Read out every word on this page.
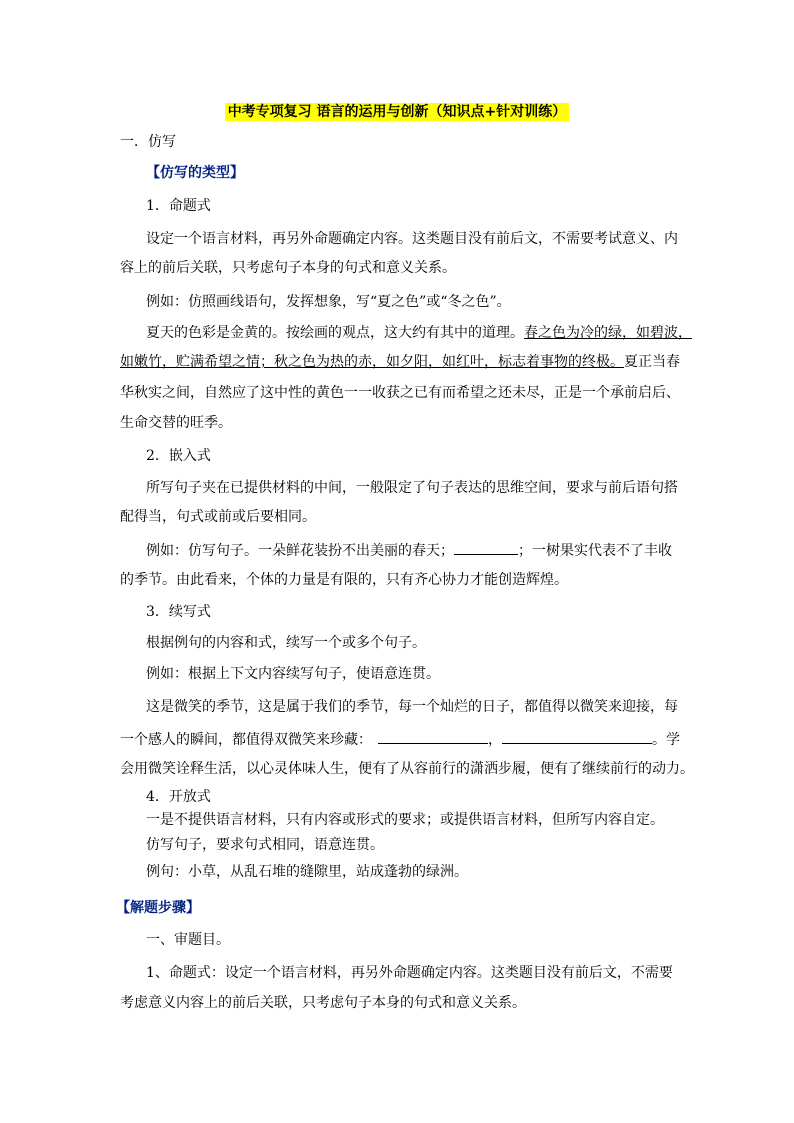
中考专项复习 语言的运用与创新（知识点+针对训练）
一．仿写
【仿写的类型】
1．命题式
设定一个语言材料，再另外命题确定内容。这类题目没有前后文，不需要考试意义、内
容上的前后关联，只考虑句子本身的句式和意义关系。
例如：仿照画线语句，发挥想象，写“夏之色”或“冬之色”。
夏天的色彩是金黄的。按绘画的观点，这大约有其中的道理。春之色为冷的绿，如碧波，
如嫩竹，贮满希望之情；秋之色为热的赤，如夕阳，如红叶，标志着事物的终极。夏正当春
华秋实之间，自然应了这中性的黄色一一收获之已有而希望之还未尽，正是一个承前启后、
生命交替的旺季。
2．嵌入式
所写句子夹在已提供材料的中间，一般限定了句子表达的思维空间，要求与前后语句搭
配得当，句式或前或后要相同。
例如：仿写句子。一朵鲜花装扮不出美丽的春天；	；一树果实代表不了丰收
的季节。由此看来，个体的力量是有限的，只有齐心协力才能创造辉煌。
3．续写式
根据例句的内容和式，续写一个或多个句子。
例如：根据上下文内容续写句子，使语意连贯。
这是微笑的季节，这是属于我们的季节，每一个灿烂的日子，都值得以微笑来迎接，每
一个感人的瞬间，都值得双微笑来珍藏：	，	。学
会用微笑诠释生活，以心灵体味人生，便有了从容前行的潇洒步履，便有了继续前行的动力。
4．开放式
一是不提供语言材料，只有内容或形式的要求；或提供语言材料，但所写内容自定。
仿写句子，要求句式相同，语意连贯。
例句：小草，从乱石堆的缝隙里，站成蓬勃的绿洲。
【解题步骤】
一、审题目。
1、命题式：设定一个语言材料，再另外命题确定内容。这类题目没有前后文，不需要
考虑意义内容上的前后关联，只考虑句子本身的句式和意义关系。
